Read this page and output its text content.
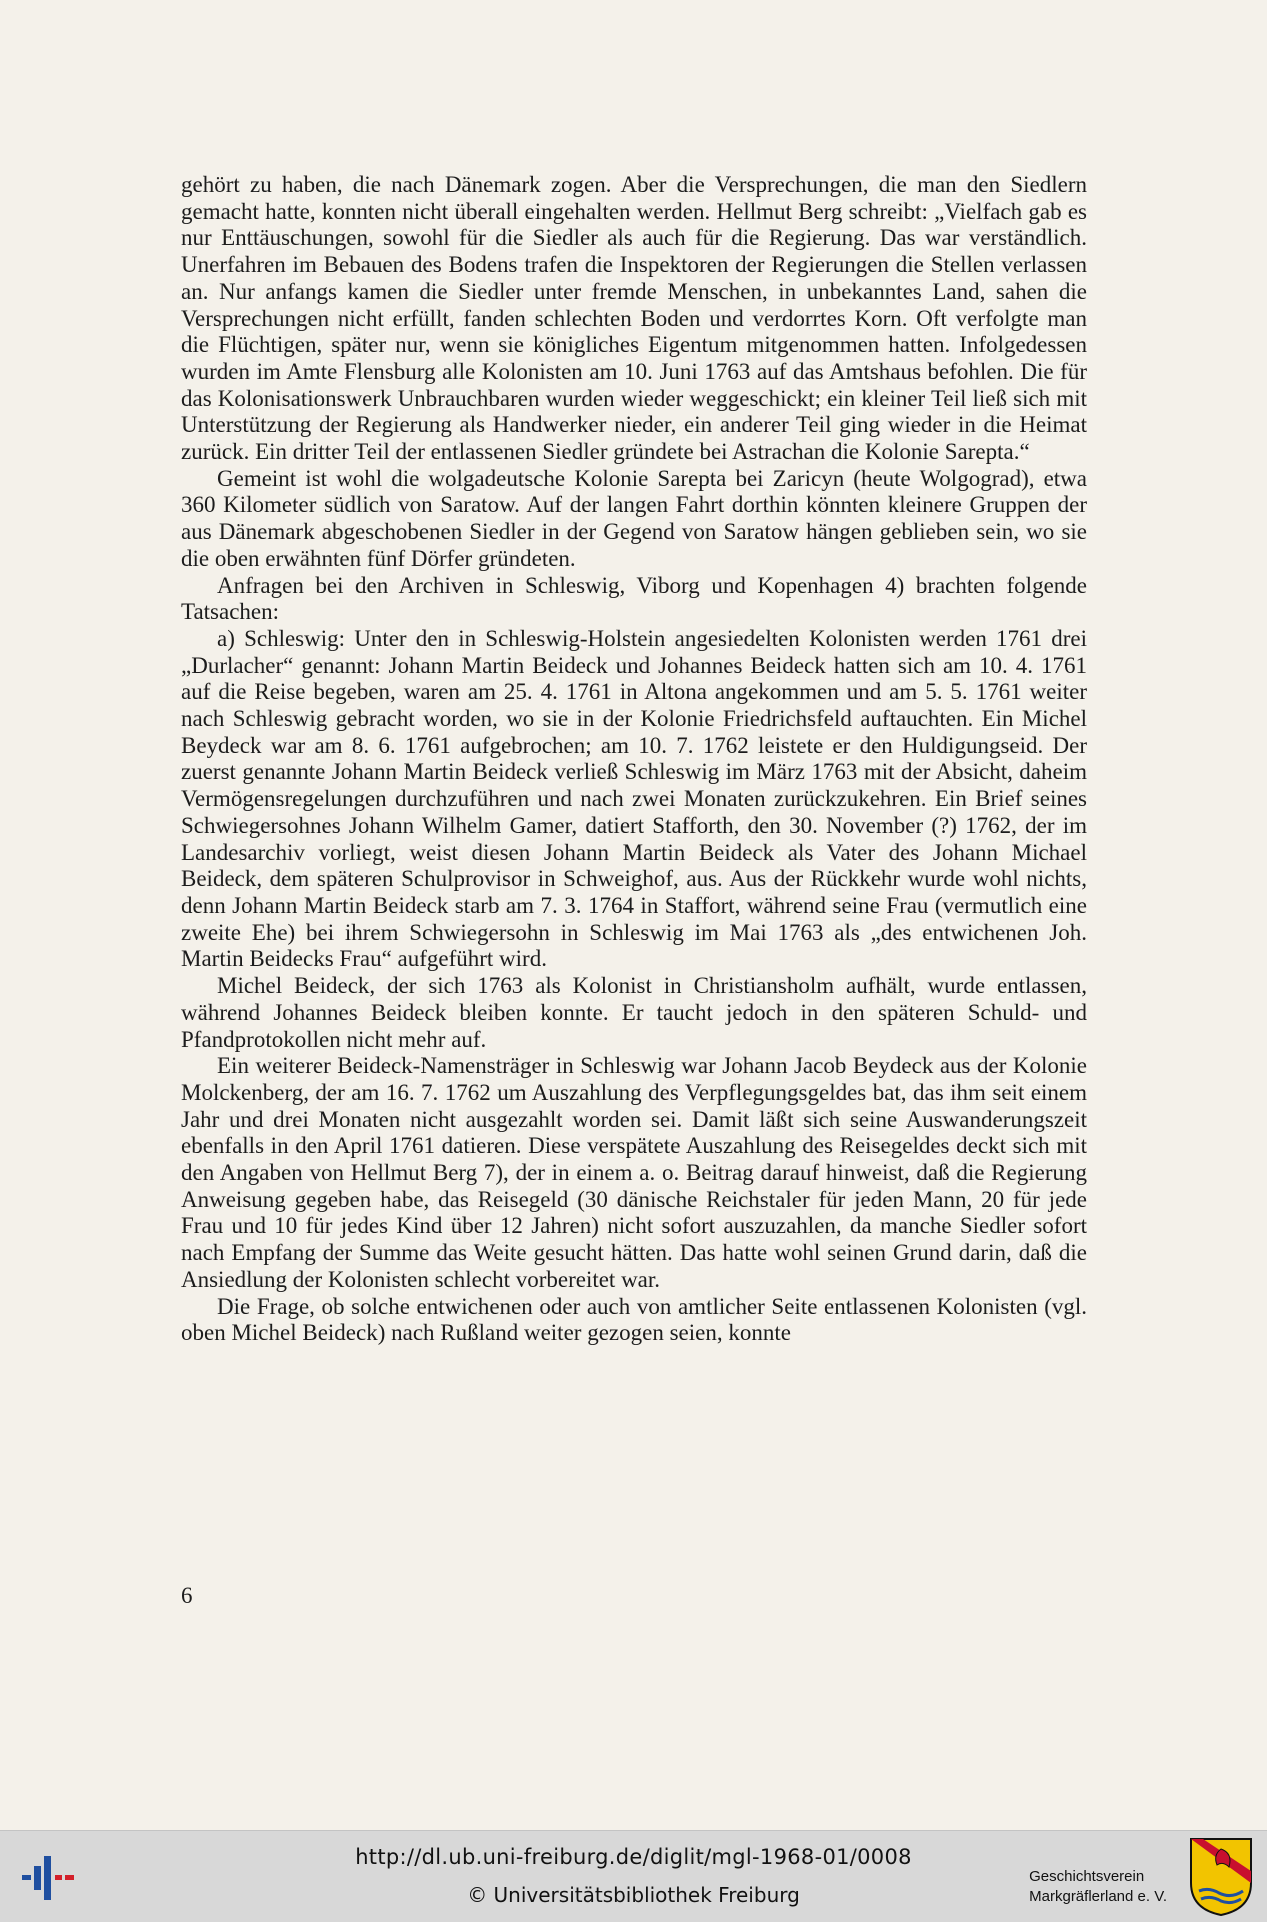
gehört zu haben, die nach Dänemark zogen. Aber die Versprechungen, die man den Siedlern gemacht hatte, konnten nicht überall eingehalten werden. Hellmut Berg schreibt: „Vielfach gab es nur Enttäuschungen, sowohl für die Siedler als auch für die Regierung. Das war verständlich. Unerfahren im Bebauen des Bodens trafen die Inspektoren der Regierungen die Stellen verlassen an. Nur anfangs kamen die Siedler unter fremde Menschen, in unbekanntes Land, sahen die Versprechungen nicht erfüllt, fanden schlechten Boden und verdorrtes Korn. Oft verfolgte man die Flüchtigen, später nur, wenn sie königliches Eigentum mitgenommen hatten. Infolgedessen wurden im Amte Flensburg alle Kolonisten am 10. Juni 1763 auf das Amtshaus befohlen. Die für das Kolonisationswerk Unbrauchbaren wurden wieder weggeschickt; ein kleiner Teil ließ sich mit Unterstützung der Regierung als Handwerker nieder, ein anderer Teil ging wieder in die Heimat zurück. Ein dritter Teil der entlassenen Siedler gründete bei Astrachan die Kolonie Sarepta.“

Gemeint ist wohl die wolgadeutsche Kolonie Sarepta bei Zaricyn (heute Wolgograd), etwa 360 Kilometer südlich von Saratow. Auf der langen Fahrt dorthin könnten kleinere Gruppen der aus Dänemark abgeschobenen Siedler in der Gegend von Saratow hängen geblieben sein, wo sie die oben erwähnten fünf Dörfer gründeten.

Anfragen bei den Archiven in Schleswig, Viborg und Kopenhagen 4) brachten folgende Tatsachen:

a) Schleswig: Unter den in Schleswig-Holstein angesiedelten Kolonisten werden 1761 drei „Durlacher“ genannt: Johann Martin Beideck und Johannes Beideck hatten sich am 10. 4. 1761 auf die Reise begeben, waren am 25. 4. 1761 in Altona angekommen und am 5. 5. 1761 weiter nach Schleswig gebracht worden, wo sie in der Kolonie Friedrichsfeld auftauchten. Ein Michel Beydeck war am 8. 6. 1761 aufgebrochen; am 10. 7. 1762 leistete er den Huldigungseid. Der zuerst genannte Johann Martin Beideck verließ Schleswig im März 1763 mit der Absicht, daheim Vermögensregelungen durchzuführen und nach zwei Monaten zurückzukehren. Ein Brief seines Schwiegersohnes Johann Wilhelm Gamer, datiert Stafforth, den 30. November (?) 1762, der im Landesarchiv vorliegt, weist diesen Johann Martin Beideck als Vater des Johann Michael Beideck, dem späteren Schulprovisor in Schweighof, aus. Aus der Rückkehr wurde wohl nichts, denn Johann Martin Beideck starb am 7. 3. 1764 in Staffort, während seine Frau (vermutlich eine zweite Ehe) bei ihrem Schwiegersohn in Schleswig im Mai 1763 als „des entwichenen Joh. Martin Beidecks Frau“ aufgeführt wird.

Michel Beideck, der sich 1763 als Kolonist in Christiansholm aufhält, wurde entlassen, während Johannes Beideck bleiben konnte. Er taucht jedoch in den späteren Schuld- und Pfandprotokollen nicht mehr auf.

Ein weiterer Beideck-Namensträger in Schleswig war Johann Jacob Beydeck aus der Kolonie Molckenberg, der am 16. 7. 1762 um Auszahlung des Verpflegungsgeldes bat, das ihm seit einem Jahr und drei Monaten nicht ausgezahlt worden sei. Damit läßt sich seine Auswanderungszeit ebenfalls in den April 1761 datieren. Diese verspätete Auszahlung des Reisegeldes deckt sich mit den Angaben von Hellmut Berg 7), der in einem a. o. Beitrag darauf hinweist, daß die Regierung Anweisung gegeben habe, das Reisegeld (30 dänische Reichstaler für jeden Mann, 20 für jede Frau und 10 für jedes Kind über 12 Jahren) nicht sofort auszuzahlen, da manche Siedler sofort nach Empfang der Summe das Weite gesucht hätten. Das hatte wohl seinen Grund darin, daß die Ansiedlung der Kolonisten schlecht vorbereitet war.

Die Frage, ob solche entwichenen oder auch von amtlicher Seite entlassenen Kolonisten (vgl. oben Michel Beideck) nach Rußland weiter gezogen seien, konnte

6
http://dl.ub.uni-freiburg.de/diglit/mgl-1968-01/0008
© Universitätsbibliothek Freiburg
Geschichtsverein
Markgräflerland e. V.
